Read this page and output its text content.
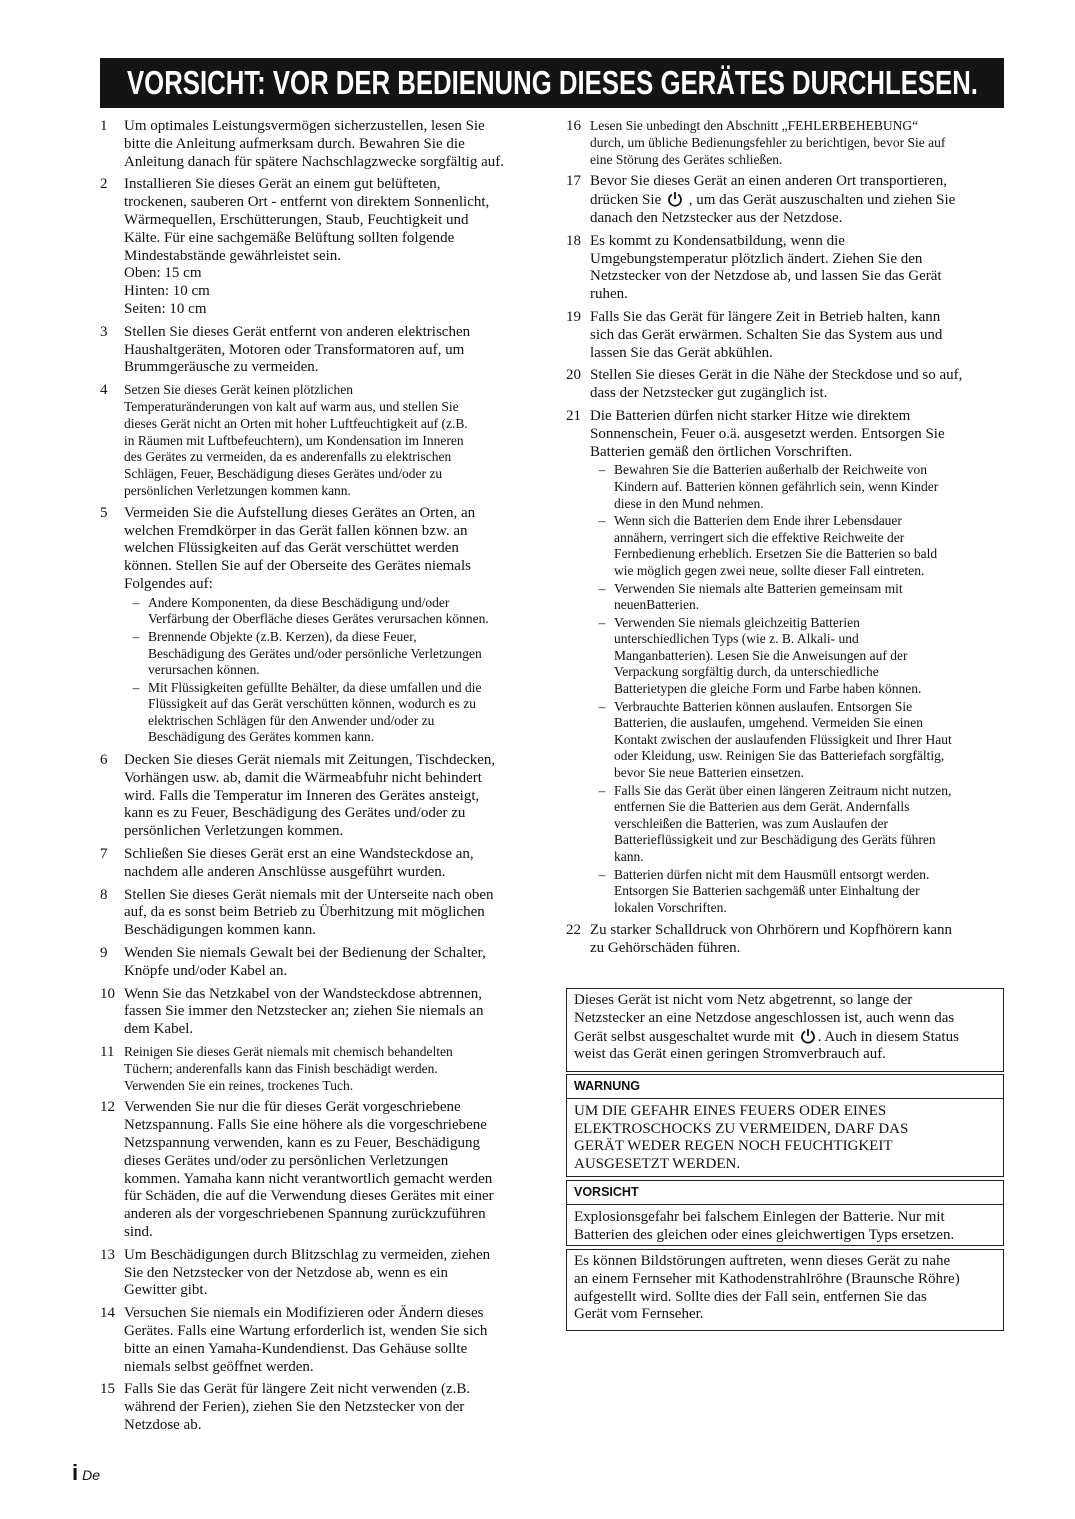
VORSICHT: VOR DER BEDIENUNG DIESES GERÄTES DURCHLESEN.
1	Um optimales Leistungsvermögen sicherzustellen, lesen Sie
bitte die Anleitung aufmerksam durch. Bewahren Sie die
Anleitung danach für spätere Nachschlagzwecke sorgfältig auf.
2	Installieren Sie dieses Gerät an einem gut belüfteten,
trockenen, sauberen Ort - entfernt von direktem Sonnenlicht,
Wärmequellen, Erschütterungen, Staub, Feuchtigkeit und
Kälte. Für eine sachgemäße Belüftung sollten folgende
Mindestabstände gewährleistet sein.
Oben: 15 cm
Hinten: 10 cm
Seiten: 10 cm
3	Stellen Sie dieses Gerät entfernt von anderen elektrischen
Haushaltgeräten, Motoren oder Transformatoren auf, um
Brummgeräusche zu vermeiden.
4	Setzen Sie dieses Gerät keinen plötzlichen
Temperaturänderungen von kalt auf warm aus, und stellen Sie
dieses Gerät nicht an Orten mit hoher Luftfeuchtigkeit auf (z.B.
in Räumen mit Luftbefeuchtern), um Kondensation im Inneren
des Gerätes zu vermeiden, da es anderenfalls zu elektrischen
Schlägen, Feuer, Beschädigung dieses Gerätes und/oder zu
persönlichen Verletzungen kommen kann.
5	Vermeiden Sie die Aufstellung dieses Gerätes an Orten, an
welchen Fremdkörper in das Gerät fallen können bzw. an
welchen Flüssigkeiten auf das Gerät verschüttet werden
können. Stellen Sie auf der Oberseite des Gerätes niemals
Folgendes auf:
– Andere Komponenten, da diese Beschädigung und/oder
Verfärbung der Oberfläche dieses Gerätes verursachen können.
– Brennende Objekte (z.B. Kerzen), da diese Feuer,
Beschädigung des Gerätes und/oder persönliche Verletzungen
verursachen können.
– Mit Flüssigkeiten gefüllte Behälter, da diese umfallen und die
Flüssigkeit auf das Gerät verschütten können, wodurch es zu
elektrischen Schlägen für den Anwender und/oder zu
Beschädigung des Gerätes kommen kann.
6	Decken Sie dieses Gerät niemals mit Zeitungen, Tischdecken,
Vorhängen usw. ab, damit die Wärmeabfuhr nicht behindert
wird. Falls die Temperatur im Inneren des Gerätes ansteigt,
kann es zu Feuer, Beschädigung des Gerätes und/oder zu
persönlichen Verletzungen kommen.
7	Schließen Sie dieses Gerät erst an eine Wandsteckdose an,
nachdem alle anderen Anschlüsse ausgeführt wurden.
8	Stellen Sie dieses Gerät niemals mit der Unterseite nach oben
auf, da es sonst beim Betrieb zu Überhitzung mit möglichen
Beschädigungen kommen kann.
9	Wenden Sie niemals Gewalt bei der Bedienung der Schalter,
Knöpfe und/oder Kabel an.
10 Wenn Sie das Netzkabel von der Wandsteckdose abtrennen,
fassen Sie immer den Netzstecker an; ziehen Sie niemals an
dem Kabel.
11 Reinigen Sie dieses Gerät niemals mit chemisch behandelten
Tüchern; anderenfalls kann das Finish beschädigt werden.
Verwenden Sie ein reines, trockenes Tuch.
12 Verwenden Sie nur die für dieses Gerät vorgeschriebene
Netzspannung. Falls Sie eine höhere als die vorgeschriebene
Netzspannung verwenden, kann es zu Feuer, Beschädigung
dieses Gerätes und/oder zu persönlichen Verletzungen
kommen. Yamaha kann nicht verantwortlich gemacht werden
für Schäden, die auf die Verwendung dieses Gerätes mit einer
anderen als der vorgeschriebenen Spannung zurückzuführen
sind.
13 Um Beschädigungen durch Blitzschlag zu vermeiden, ziehen
Sie den Netzstecker von der Netzdose ab, wenn es ein
Gewitter gibt.
14 Versuchen Sie niemals ein Modifizieren oder Ändern dieses
Gerätes. Falls eine Wartung erforderlich ist, wenden Sie sich
bitte an einen Yamaha-Kundendienst. Das Gehäuse sollte
niemals selbst geöffnet werden.
15 Falls Sie das Gerät für längere Zeit nicht verwenden (z.B.
während der Ferien), ziehen Sie den Netzstecker von der
Netzdose ab.
16 Lesen Sie unbedingt den Abschnitt „FEHLERBEHEBUNG“
durch, um übliche Bedienungsfehler zu berichtigen, bevor Sie auf
eine Störung des Gerätes schließen.
17 Bevor Sie dieses Gerät an einen anderen Ort transportieren,
drücken Sie  , um das Gerät auszuschalten und ziehen Sie
danach den Netzstecker aus der Netzdose.
18 Es kommt zu Kondensatbildung, wenn die
Umgebungstemperatur plötzlich ändert. Ziehen Sie den
Netzstecker von der Netzdose ab, und lassen Sie das Gerät
ruhen.
19 Falls Sie das Gerät für längere Zeit in Betrieb halten, kann
sich das Gerät erwärmen. Schalten Sie das System aus und
lassen Sie das Gerät abkühlen.
20 Stellen Sie dieses Gerät in die Nähe der Steckdose und so auf,
dass der Netzstecker gut zugänglich ist.
21 Die Batterien dürfen nicht starker Hitze wie direktem
Sonnenschein, Feuer o.ä. ausgesetzt werden. Entsorgen Sie
Batterien gemäß den örtlichen Vorschriften.
– Bewahren Sie die Batterien außerhalb der Reichweite von
Kindern auf. Batterien können gefährlich sein, wenn Kinder
diese in den Mund nehmen.
– Wenn sich die Batterien dem Ende ihrer Lebensdauer
annähern, verringert sich die effektive Reichweite der
Fernbedienung erheblich. Ersetzen Sie die Batterien so bald
wie möglich gegen zwei neue, sollte dieser Fall eintreten.
– Verwenden Sie niemals alte Batterien gemeinsam mit
neuenBatterien.
– Verwenden Sie niemals gleichzeitig Batterien
unterschiedlichen Typs (wie z. B. Alkali- und
Manganbatterien). Lesen Sie die Anweisungen auf der
Verpackung sorgfältig durch, da unterschiedliche
Batterietypen die gleiche Form und Farbe haben können.
– Verbrauchte Batterien können auslaufen. Entsorgen Sie
Batterien, die auslaufen, umgehend. Vermeiden Sie einen
Kontakt zwischen der auslaufenden Flüssigkeit und Ihrer Haut
oder Kleidung, usw. Reinigen Sie das Batteriefach sorgfältig,
bevor Sie neue Batterien einsetzen.
– Falls Sie das Gerät über einen längeren Zeitraum nicht nutzen,
entfernen Sie die Batterien aus dem Gerät. Andernfalls
verschleißen die Batterien, was zum Auslaufen der
Batterieflüssigkeit und zur Beschädigung des Geräts führen
kann.
– Batterien dürfen nicht mit dem Hausmüll entsorgt werden.
Entsorgen Sie Batterien sachgemäß unter Einhaltung der
lokalen Vorschriften.
22 Zu starker Schalldruck von Ohrhörern und Kopfhörern kann
zu Gehörschäden führen.
Dieses Gerät ist nicht vom Netz abgetrennt, so lange der
Netzstecker an eine Netzdose angeschlossen ist, auch wenn das
Gerät selbst ausgeschaltet wurde mit . Auch in diesem Status
weist das Gerät einen geringen Stromverbrauch auf.
WARNUNG
UM DIE GEFAHR EINES FEUERS ODER EINES
ELEKTROSCHOCKS ZU VERMEIDEN, DARF DAS
GERÄT WEDER REGEN NOCH FEUCHTIGKEIT
AUSGESETZT WERDEN.
VORSICHT
Explosionsgefahr bei falschem Einlegen der Batterie. Nur mit
Batterien des gleichen oder eines gleichwertigen Typs ersetzen.
Es können Bildstörungen auftreten, wenn dieses Gerät zu nahe
an einem Fernseher mit Kathodenstrahlröhre (Braunsche Röhre)
aufgestellt wird. Sollte dies der Fall sein, entfernen Sie das
Gerät vom Fernseher.
i De
